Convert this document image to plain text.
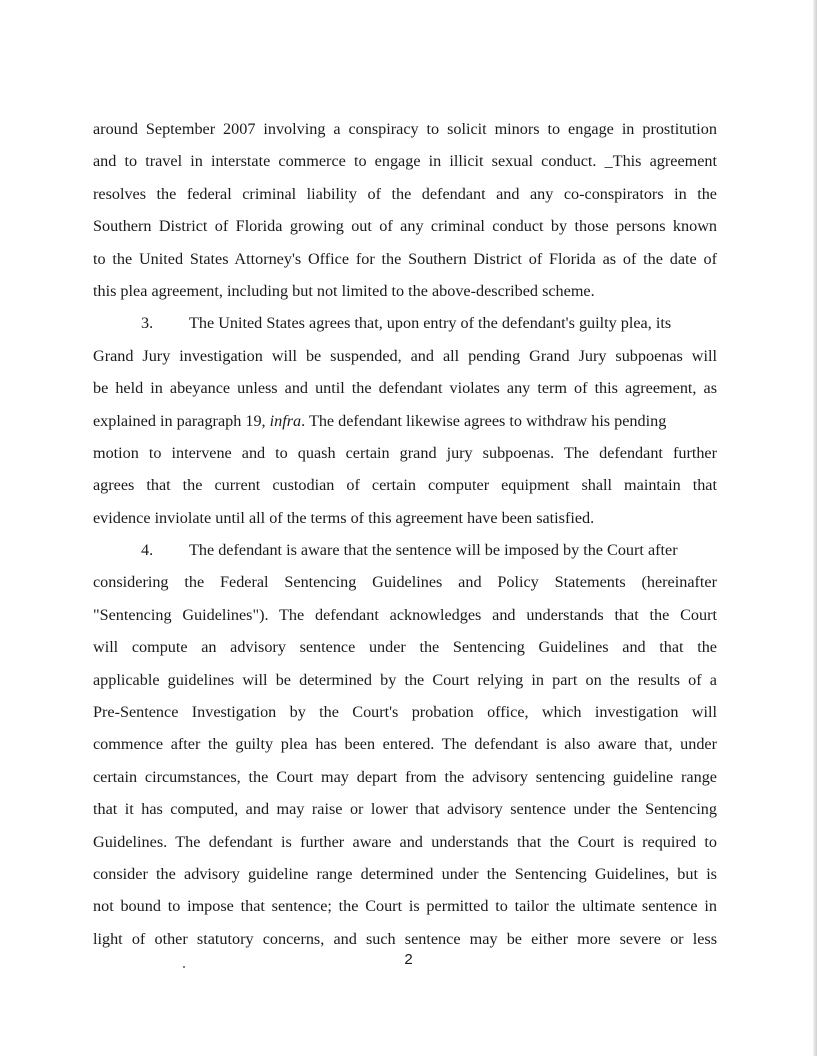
around September 2007 involving a conspiracy to solicit minors to engage in prostitution
and to travel in interstate commerce to engage in illicit sexual conduct. _This agreement
resolves the federal criminal liability of the defendant and any co-conspirators in the
Southern District of Florida growing out of any criminal conduct by those persons known
to the United States Attorney's Office for the Southern District of Florida as of the date of
this plea agreement, including but not limited to the above-described scheme.
3. The United States agrees that, upon entry of the defendant's guilty plea, its
Grand Jury investigation will be suspended, and all pending Grand Jury subpoenas will
be held in abeyance unless and until the defendant violates any term of this agreement, as
explained in paragraph 19, infra. The defendant likewise agrees to withdraw his pending
motion to intervene and to quash certain grand jury subpoenas. The defendant further
agrees that the current custodian of certain computer equipment shall maintain that
evidence inviolate until all of the terms of this agreement have been satisfied.
4. The defendant is aware that the sentence will be imposed by the Court after
considering the Federal Sentencing Guidelines and Policy Statements (hereinafter
"Sentencing Guidelines"). The defendant acknowledges and understands that the Court
will compute an advisory sentence under the Sentencing Guidelines and that the
applicable guidelines will be determined by the Court relying in part on the results of a
Pre-Sentence Investigation by the Court's probation office, which investigation will
commence after the guilty plea has been entered. The defendant is also aware that, under
certain circumstances, the Court may depart from the advisory sentencing guideline range
that it has computed, and may raise or lower that advisory sentence under the Sentencing
Guidelines. The defendant is further aware and understands that the Court is required to
consider the advisory guideline range determined under the Sentencing Guidelines, but is
not bound to impose that sentence; the Court is permitted to tailor the ultimate sentence in
light of other statutory concerns, and such sentence may be either more severe or less
2
